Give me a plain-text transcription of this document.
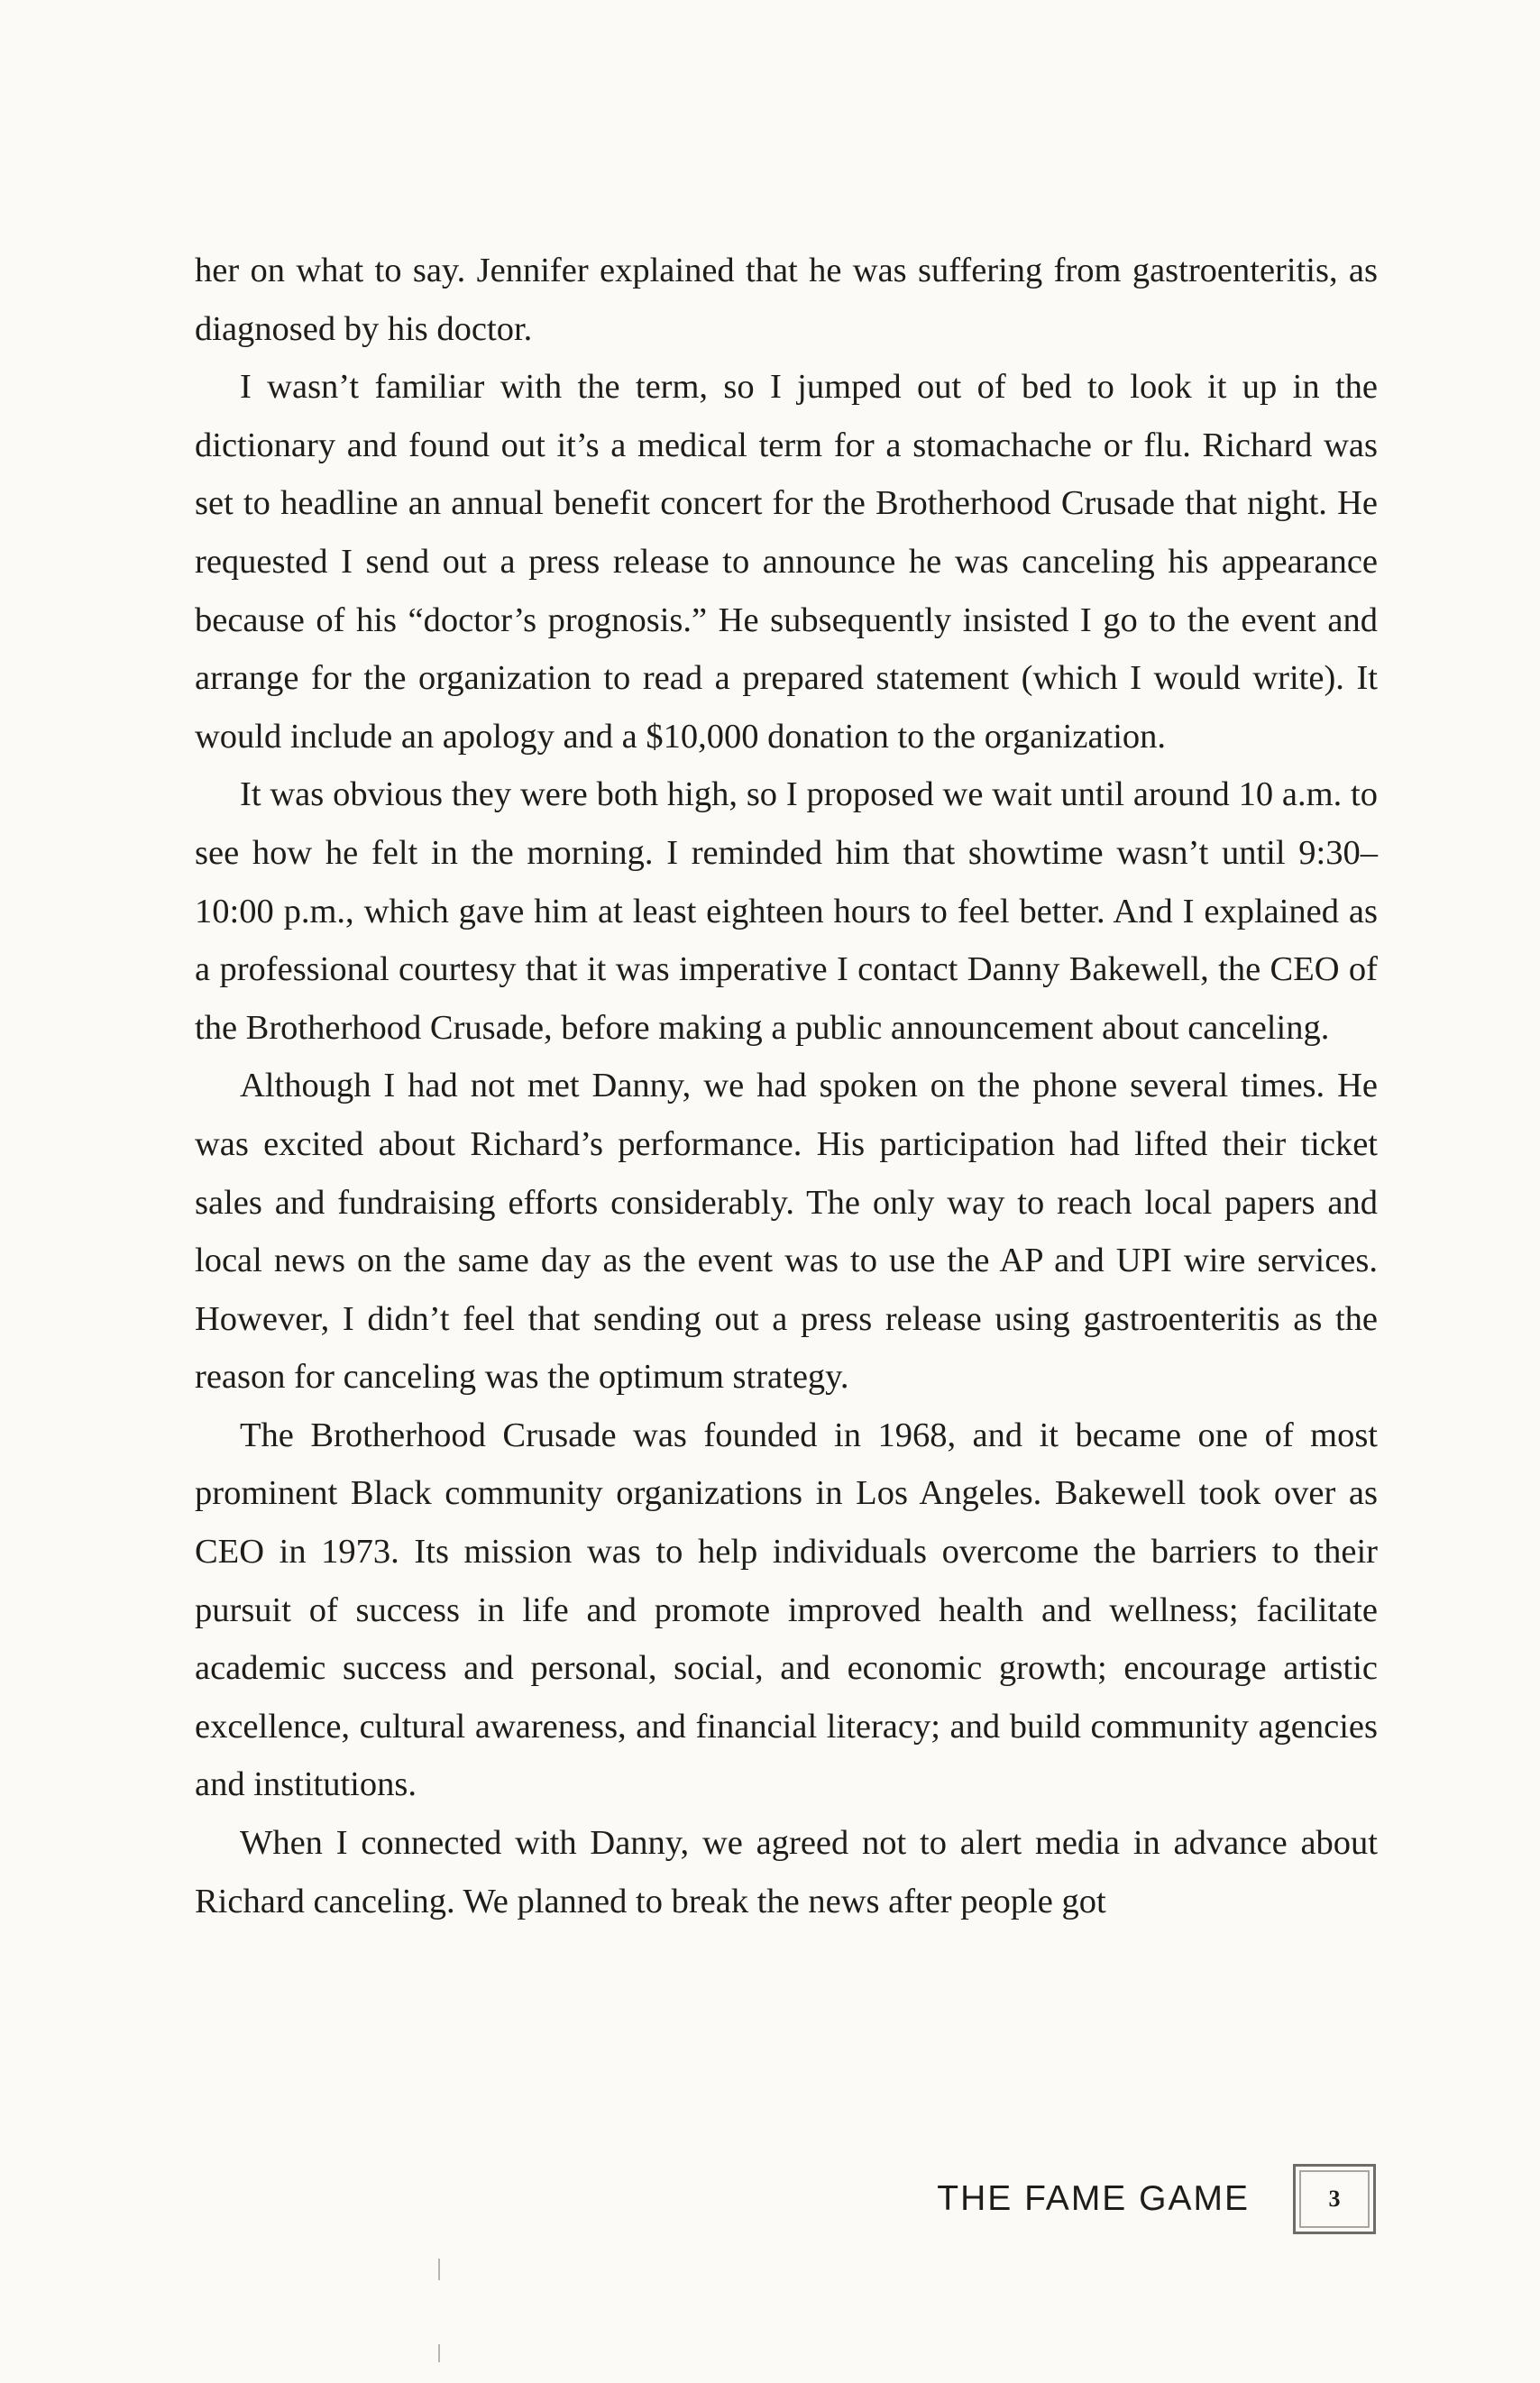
her on what to say. Jennifer explained that he was suffering from gastroenteritis, as diagnosed by his doctor.

I wasn’t familiar with the term, so I jumped out of bed to look it up in the dictionary and found out it’s a medical term for a stomachache or flu. Richard was set to headline an annual benefit concert for the Brotherhood Crusade that night. He requested I send out a press release to announce he was canceling his appearance because of his “doctor’s prognosis.” He subsequently insisted I go to the event and arrange for the organization to read a prepared statement (which I would write). It would include an apology and a $10,000 donation to the organization.

It was obvious they were both high, so I proposed we wait until around 10 a.m. to see how he felt in the morning. I reminded him that showtime wasn’t until 9:30–10:00 p.m., which gave him at least eighteen hours to feel better. And I explained as a professional courtesy that it was imperative I contact Danny Bakewell, the CEO of the Brotherhood Crusade, before making a public announcement about canceling.

Although I had not met Danny, we had spoken on the phone several times. He was excited about Richard’s performance. His participation had lifted their ticket sales and fundraising efforts considerably. The only way to reach local papers and local news on the same day as the event was to use the AP and UPI wire services. However, I didn’t feel that sending out a press release using gastroenteritis as the reason for canceling was the optimum strategy.

The Brotherhood Crusade was founded in 1968, and it became one of most prominent Black community organizations in Los Angeles. Bakewell took over as CEO in 1973. Its mission was to help individuals overcome the barriers to their pursuit of success in life and promote improved health and wellness; facilitate academic success and personal, social, and economic growth; encourage artistic excellence, cultural awareness, and financial literacy; and build community agencies and institutions.

When I connected with Danny, we agreed not to alert media in advance about Richard canceling. We planned to break the news after people got

THE FAME GAME	3
